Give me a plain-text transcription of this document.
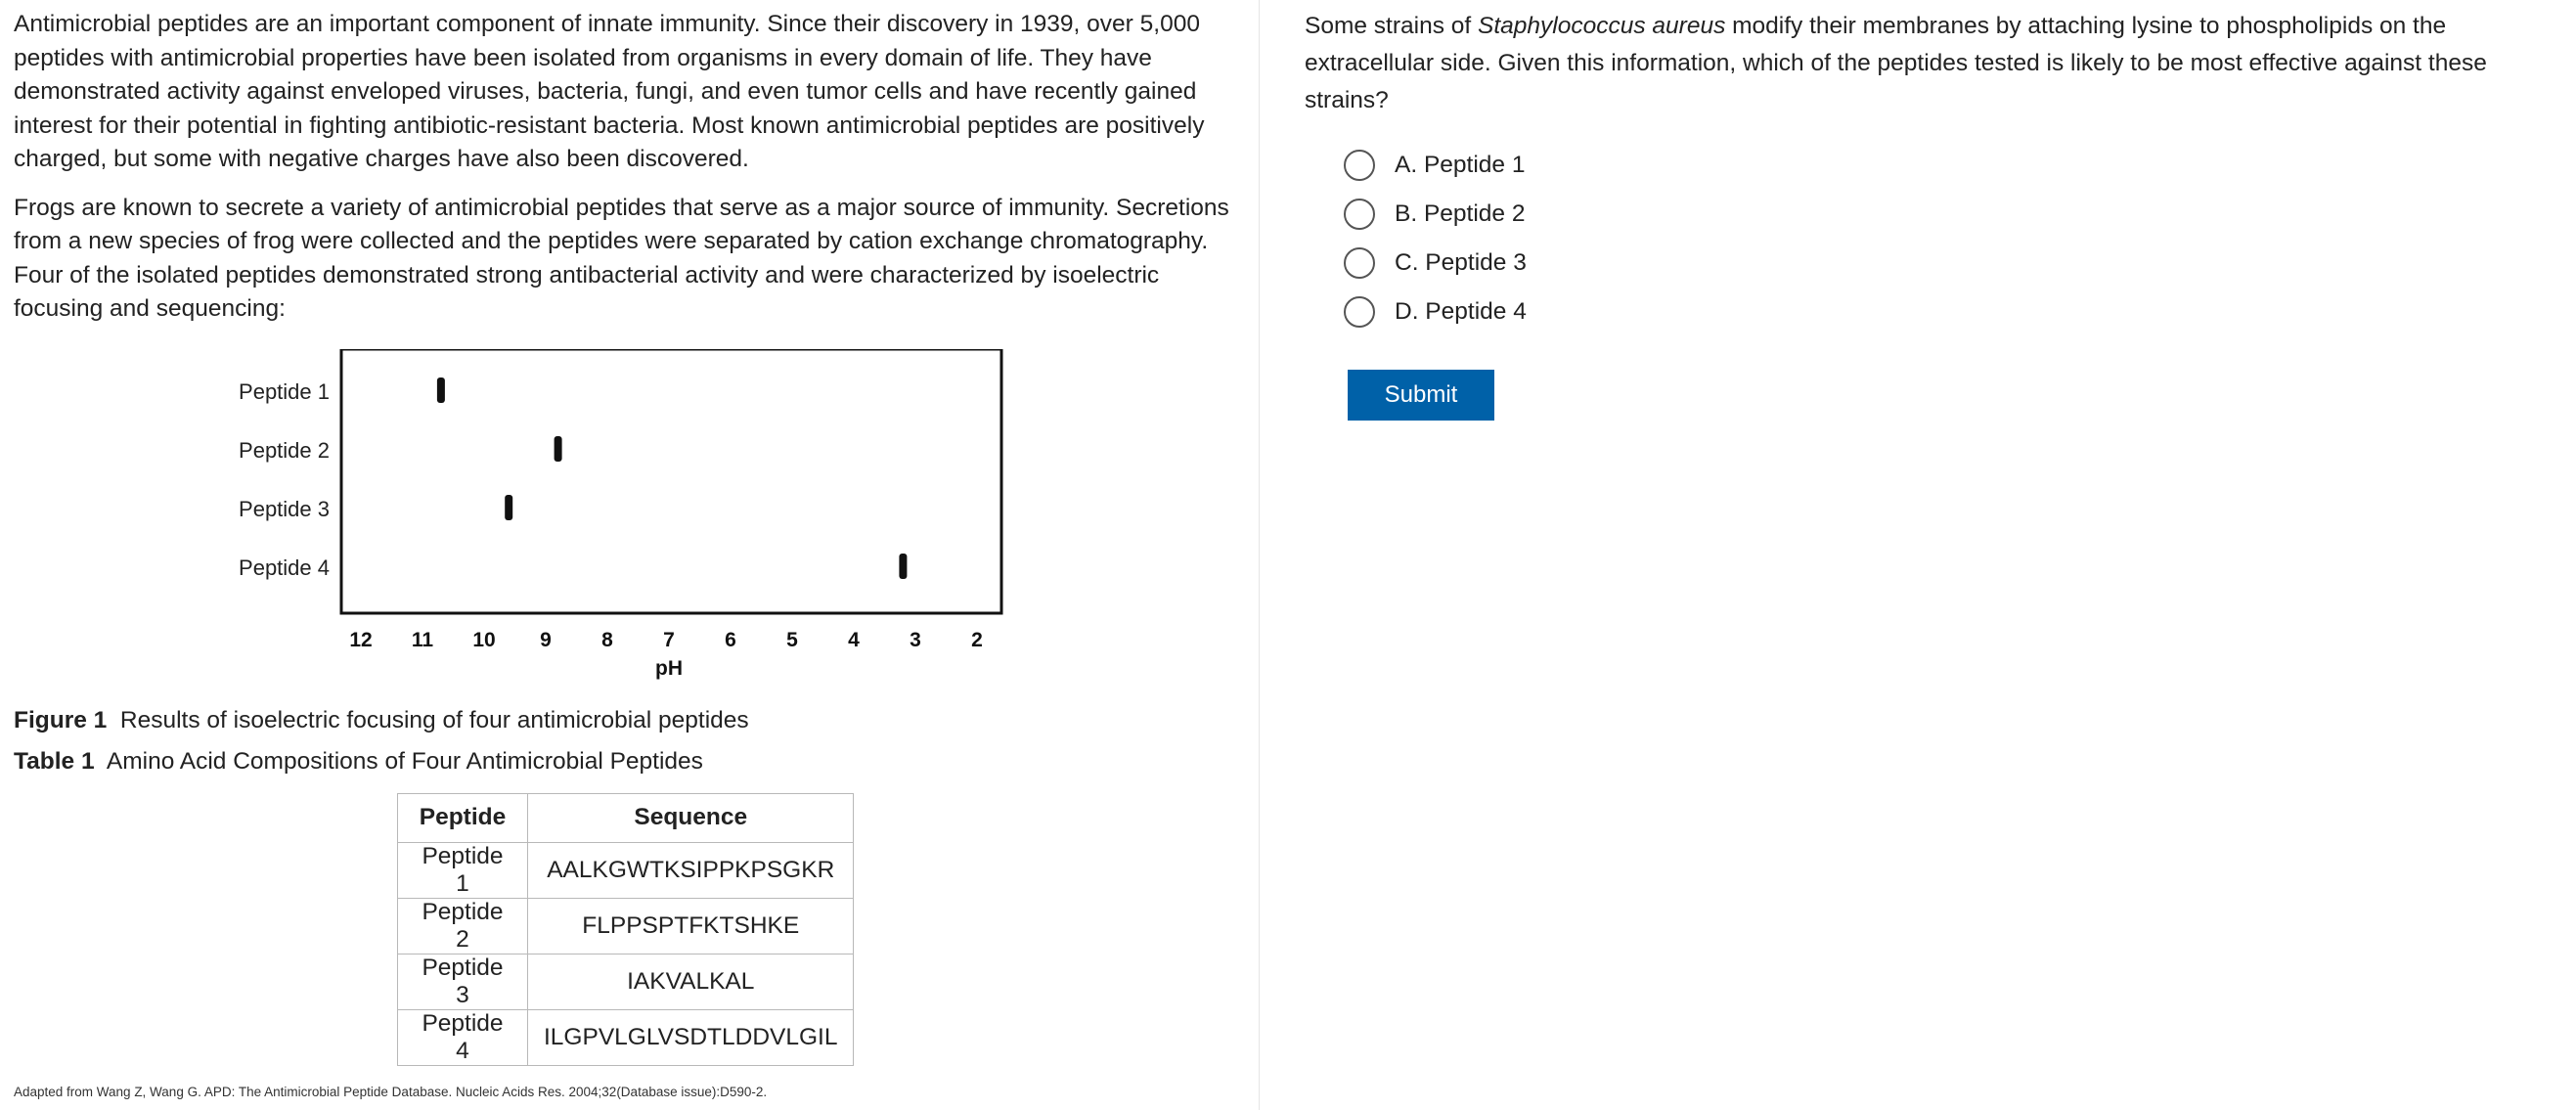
Antimicrobial peptides are an important component of innate immunity. Since their discovery in 1939, over 5,000 peptides with antimicrobial properties have been isolated from organisms in every domain of life. They have demonstrated activity against enveloped viruses, bacteria, fungi, and even tumor cells and have recently gained interest for their potential in fighting antibiotic-resistant bacteria. Most known antimicrobial peptides are positively charged, but some with negative charges have also been discovered.

Frogs are known to secrete a variety of antimicrobial peptides that serve as a major source of immunity. Secretions from a new species of frog were collected and the peptides were separated by cation exchange chromatography. Four of the isolated peptides demonstrated strong antibacterial activity and were characterized by isoelectric focusing and sequencing:

Peptide 1
Peptide 2
Peptide 3
Peptide 4
12 11 10 9 8 7 6 5 4 3 2
pH
Figure 1 Results of isoelectric focusing of four antimicrobial peptides
Table 1 Amino Acid Compositions of Four Antimicrobial Peptides
Peptide	Sequence
Peptide 1	AALKGWTKSIPPKPSGKR
Peptide 2	FLPPSPTFKTSHKE
Peptide 3	IAKVALKAL
Peptide 4	ILGPVLGLVSDTLDDVLGIL
Adapted from Wang Z, Wang G. APD: The Antimicrobial Peptide Database. Nucleic Acids Res. 2004;32(Database issue):D590-2.

Some strains of Staphylococcus aureus modify their membranes by attaching lysine to phospholipids on the extracellular side. Given this information, which of the peptides tested is likely to be most effective against these strains?

A. Peptide 1
B. Peptide 2
C. Peptide 3
D. Peptide 4
Submit
